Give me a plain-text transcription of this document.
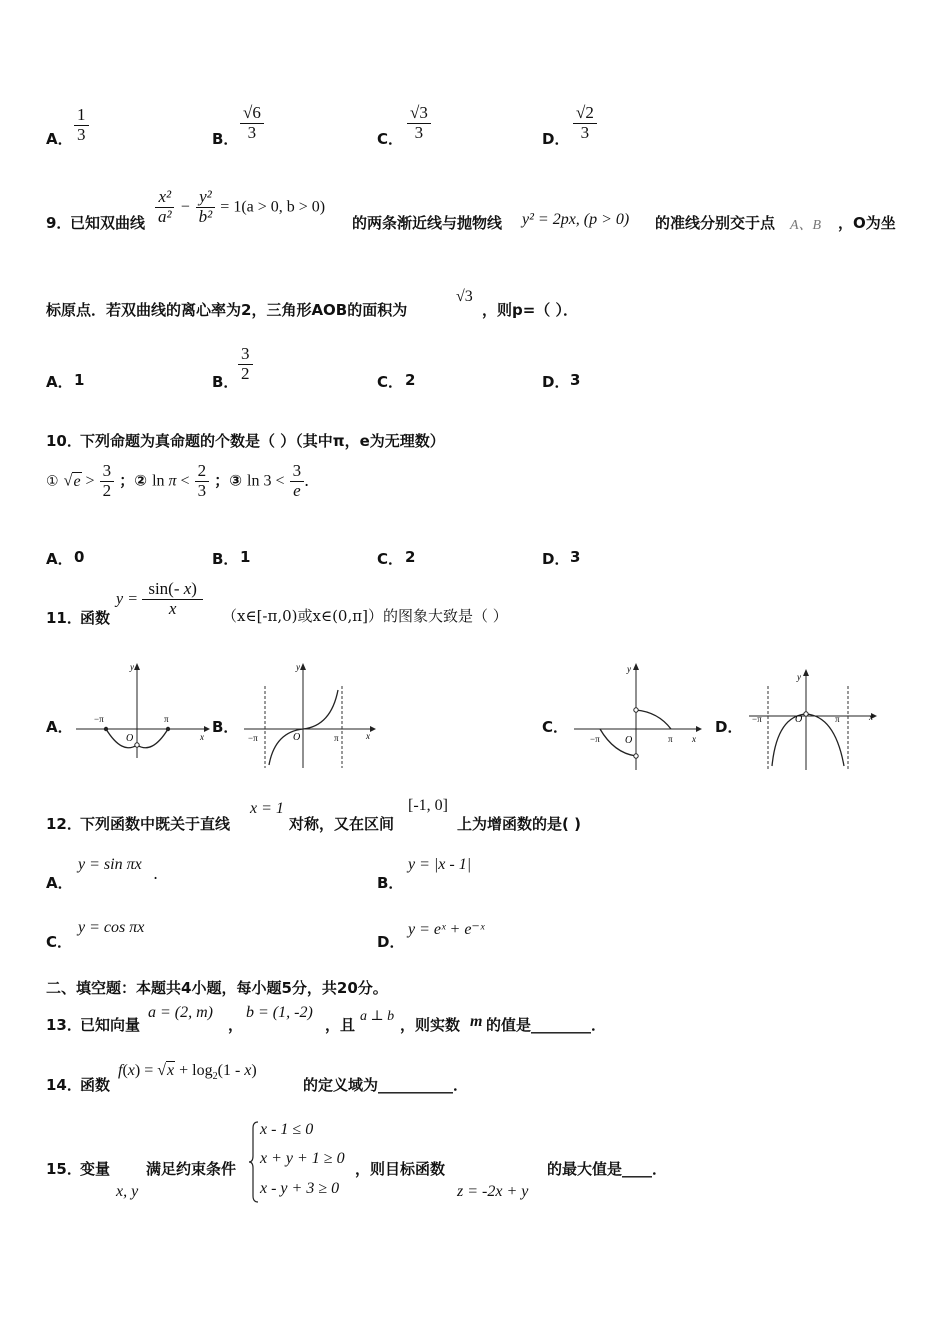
A． $\frac{1}{3}$	B． $\frac{√6}{3}$	C． $\frac{√3}{3}$	D． $\frac{√2}{3}$
9．
已知双曲线 $\frac{\text{x²}}{\text{a²}} - \frac{\text{y²}}{\text{b²}} = 1(a > 0$, b > 0)
的两条渐近线与抛物线 y² = 2px, (p > 0) 的准线分别交于点 A、B ，O为坐
标原点．若双曲线的离心率为2，三角形AOB的面积为
√3
，则p=（ ）．
A． 1	B． $\frac{3}{2}$	C． 2	D． 3
10．
下列命题为真命题的个数是（ ）（其中π，e为无理数）
① $√e > \frac{3}{2}$ ；② $\ln \pi < \frac{2}{3}$ ；③ $\ln 3 < \frac{3}{e}$ ．
A． 0	B． 1	C． 2	D． 3
11．
函数
$y = \frac{\sin(- x)}{x}$ （x∈[-π,0)或x∈(0,π]）的图象大致是（ ）
A．	B．	C．	D．
y
x
O
−π	π
y
x
O
−π	π
y
x
O
−π	π
y
x
O
−π	π
12．
下列函数中既关于直线
x = 1
对称，又在区间
[-1, 0]
上为增函数的是( )
A．
y = sin πx .	B．
y = |x - 1|
C．
y = cos πx
D．
y = eˣ + e⁻ˣ
二、填空题：本题共4小题，每小题5分，共20分。
13．
已知向量
a = (2, m)
，
b = (1, -2)
，且 a ⊥ b ，则实数 m 的值是________．
14．
函数
$f(x) = √x + \log_2(1 - x)$
的定义域为__________．
15．
变量
x, y
满足约束条件
x - 1 ≤ 0
x + y + 1 ≥ 0
x - y + 3 ≥ 0
，则目标函数
z = -2x + y
的最大值是____．
